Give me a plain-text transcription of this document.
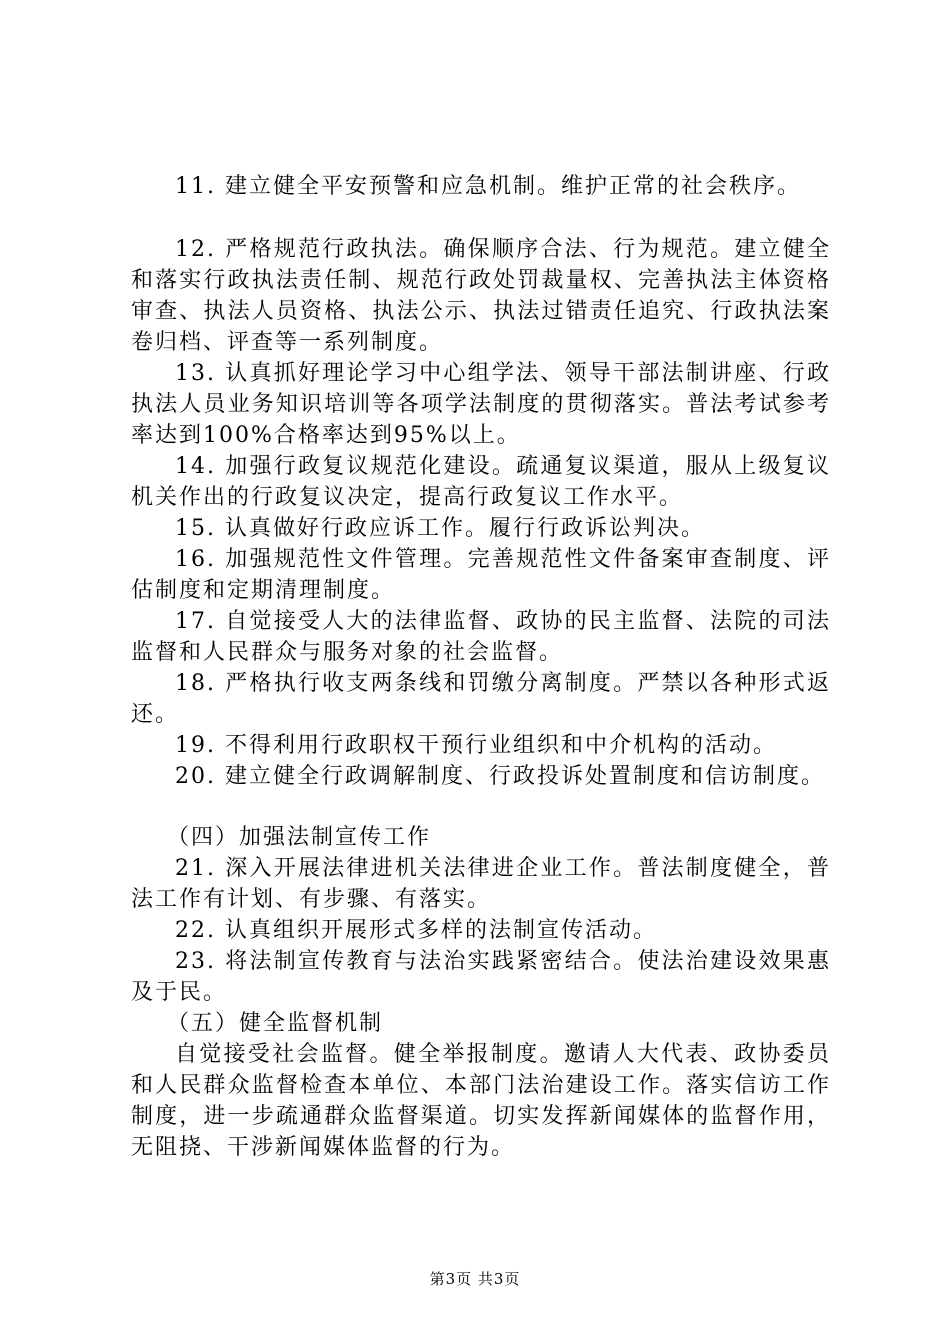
11. 建立健全平安预警和应急机制。维护正常的社会秩序。

12. 严格规范行政执法。确保顺序合法、行为规范。建立健全和落实行政执法责任制、规范行政处罚裁量权、完善执法主体资格审查、执法人员资格、执法公示、执法过错责任追究、行政执法案卷归档、评查等一系列制度。

13. 认真抓好理论学习中心组学法、领导干部法制讲座、行政执法人员业务知识培训等各项学法制度的贯彻落实。普法考试参考率达到100%合格率达到95%以上。

14. 加强行政复议规范化建设。疏通复议渠道，服从上级复议机关作出的行政复议决定，提高行政复议工作水平。

15. 认真做好行政应诉工作。履行行政诉讼判决。

16. 加强规范性文件管理。完善规范性文件备案审查制度、评估制度和定期清理制度。

17. 自觉接受人大的法律监督、政协的民主监督、法院的司法监督和人民群众与服务对象的社会监督。

18. 严格执行收支两条线和罚缴分离制度。严禁以各种形式返还。

19. 不得利用行政职权干预行业组织和中介机构的活动。

20. 建立健全行政调解制度、行政投诉处置制度和信访制度。

（四）加强法制宣传工作

21. 深入开展法律进机关法律进企业工作。普法制度健全，普法工作有计划、有步骤、有落实。

22. 认真组织开展形式多样的法制宣传活动。

23. 将法制宣传教育与法治实践紧密结合。使法治建设效果惠及于民。

（五）健全监督机制

自觉接受社会监督。健全举报制度。邀请人大代表、政协委员和人民群众监督检查本单位、本部门法治建设工作。落实信访工作制度，进一步疏通群众监督渠道。切实发挥新闻媒体的监督作用，无阻挠、干涉新闻媒体监督的行为。

第3页 共3页
